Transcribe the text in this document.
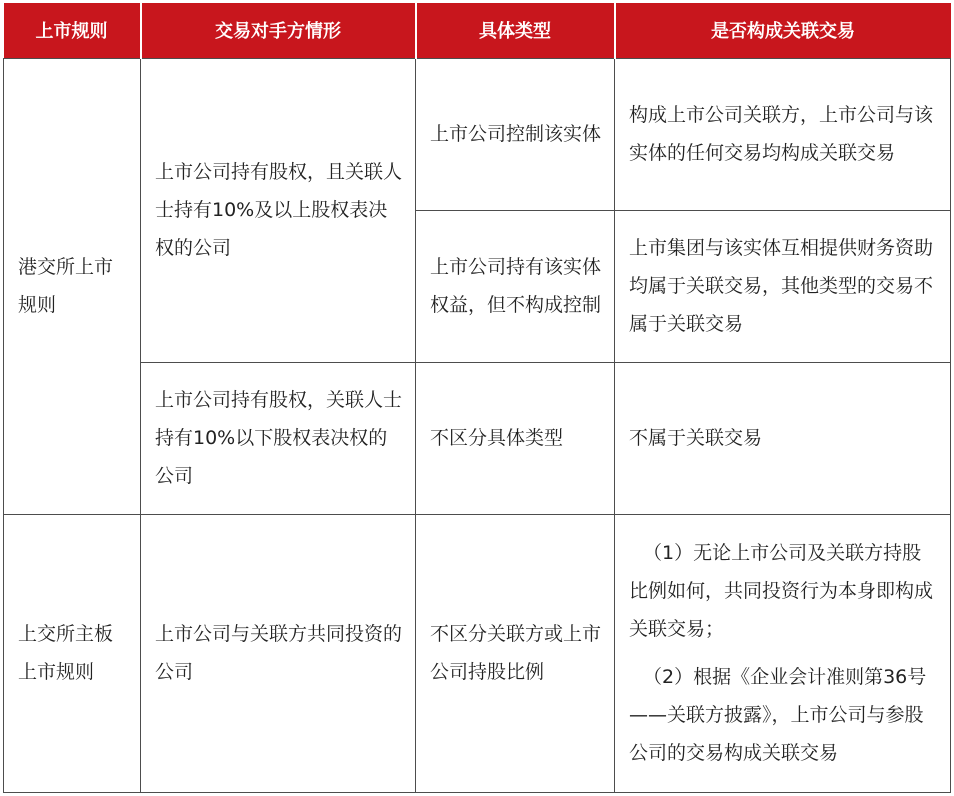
上市规则	交易对手方情形	具体类型	是否构成关联交易
港交所上市规则	上市公司持有股权，且关联人士持有10%及以上股权表决权的公司	上市公司控制该实体	构成上市公司关联方，上市公司与该实体的任何交易均构成关联交易
		上市公司持有该实体权益，但不构成控制	上市集团与该实体互相提供财务资助均属于关联交易，其他类型的交易不属于关联交易
	上市公司持有股权，关联人士持有10%以下股权表决权的公司	不区分具体类型	不属于关联交易
上交所主板上市规则	上市公司与关联方共同投资的公司	不区分关联方或上市公司持股比例	（1）无论上市公司及关联方持股比例如何，共同投资行为本身即构成关联交易；

（2）根据《企业会计准则第36号——关联方披露》，上市公司与参股公司的交易构成关联交易
